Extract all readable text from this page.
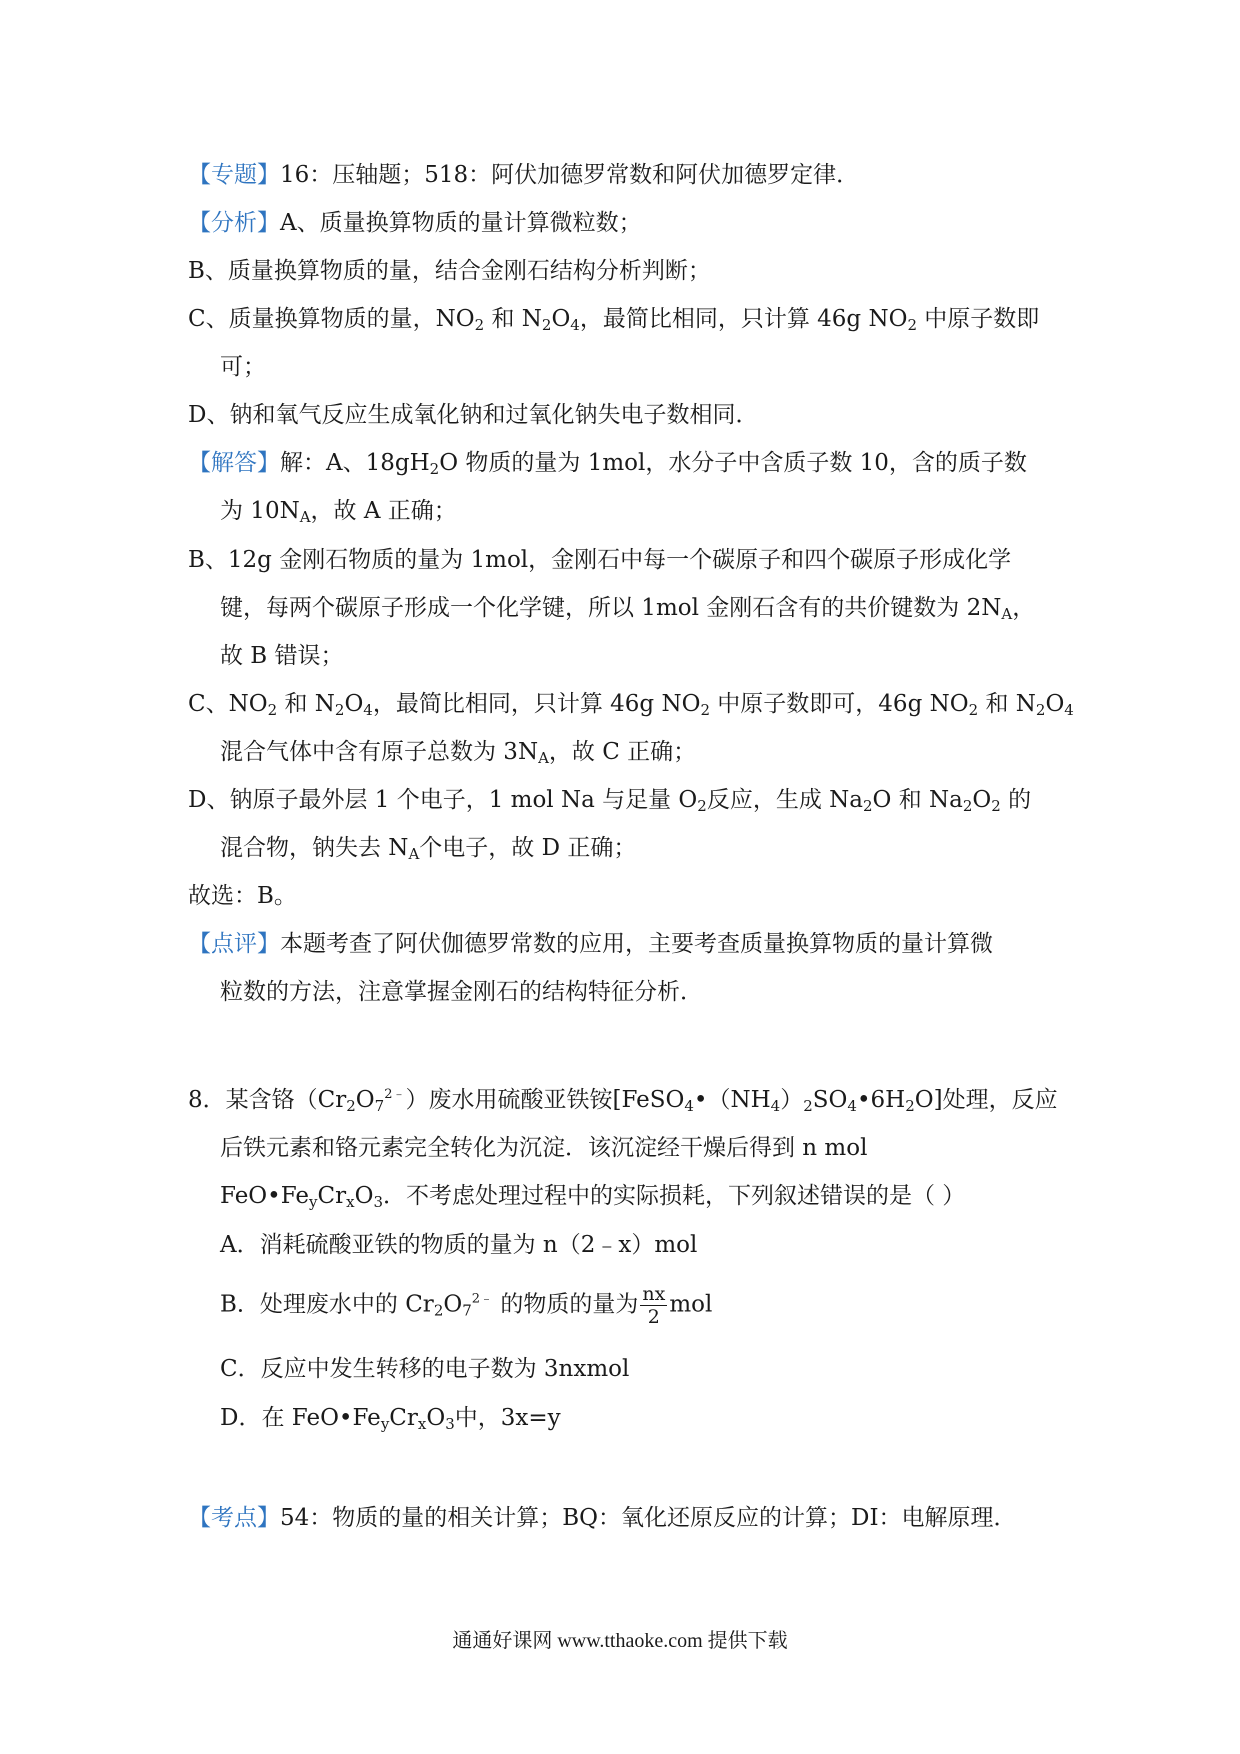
【专题】16：压轴题；518：阿伏加德罗常数和阿伏加德罗定律．
【分析】A、质量换算物质的量计算微粒数；
B、质量换算物质的量，结合金刚石结构分析判断；
C、质量换算物质的量，$NO_2$ 和 $N_2O_4$，最简比相同，只计算 46g $NO_2$ 中原子数即
可；
D、钠和氧气反应生成氧化钠和过氧化钠失电子数相同．
【解答】解：A、$18gH_2O$ 物质的量为 1mol，水分子中含质子数 10，含的质子数
为 $10N_A$，故 A 正确；
B、12g 金刚石物质的量为 1mol，金刚石中每一个碳原子和四个碳原子形成化学
键，每两个碳原子形成一个化学键，所以 1mol 金刚石含有的共价键数为 $2N_A$，
故 B 错误；
C、$NO_2$ 和 $N_2O_4$，最简比相同，只计算 46g $NO_2$ 中原子数即可，46g $NO_2$ 和 $N_2O_4$
混合气体中含有原子总数为 $3N_A$，故 C 正确；
D、钠原子最外层 1 个电子，1 mol Na 与足量 $O_2$反应，生成 $Na_2O$ 和 $Na_2O_2$ 的
混合物，钠失去 $N_A$个电子，故 D 正确；
故选：B。
【点评】本题考查了阿伏伽德罗常数的应用，主要考查质量换算物质的量计算微
粒数的方法，注意掌握金刚石的结构特征分析．
8．某含铬$(Cr_2O_7^{2﹣})$废水用硫酸亚铁铵$[FeSO_4•(NH_4)_2SO_4•6H_2O]$处理，反应
后铁元素和铬元素完全转化为沉淀．该沉淀经干燥后得到 n mol
$FeO•Fe_yCr_xO_3$．不考虑处理过程中的实际损耗，下列叙述错误的是（ ）
A．消耗硫酸亚铁的物质的量为 n（2﹣x）mol
B．处理废水中的 $Cr_2O_7^{2﹣}$ 的物质的量为 $\frac{nx}{2}$ mol
C．反应中发生转移的电子数为 3nxmol
D．在 $FeO•Fe_yCr_xO_3$中，3x=y
【考点】54：物质的量的相关计算；BQ：氧化还原反应的计算；DI：电解原理．
通通好课网 www.tthaoke.com 提供下载
